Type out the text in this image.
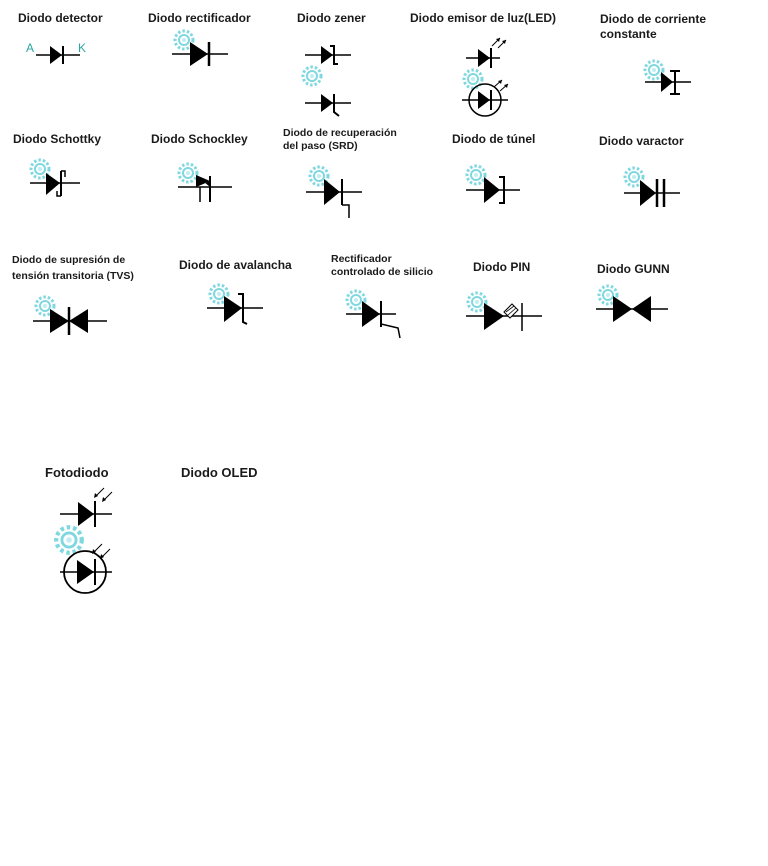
Diodo detector
A	K
Diodo rectificador	Diodo zener	Diodo emisor de luz(LED)	Diodo de corriente
constante
Diodo Schottky	Diodo Schockley	Diodo de recuperación
del paso (SRD)	Diodo de túnel	Diodo varactor
Diodo de supresión de
tensión transitoria (TVS)
Diodo de avalancha	Rectificador
controlado de silicio	Diodo PIN	Diodo GUNN
Fotodiodo	Diodo OLED
